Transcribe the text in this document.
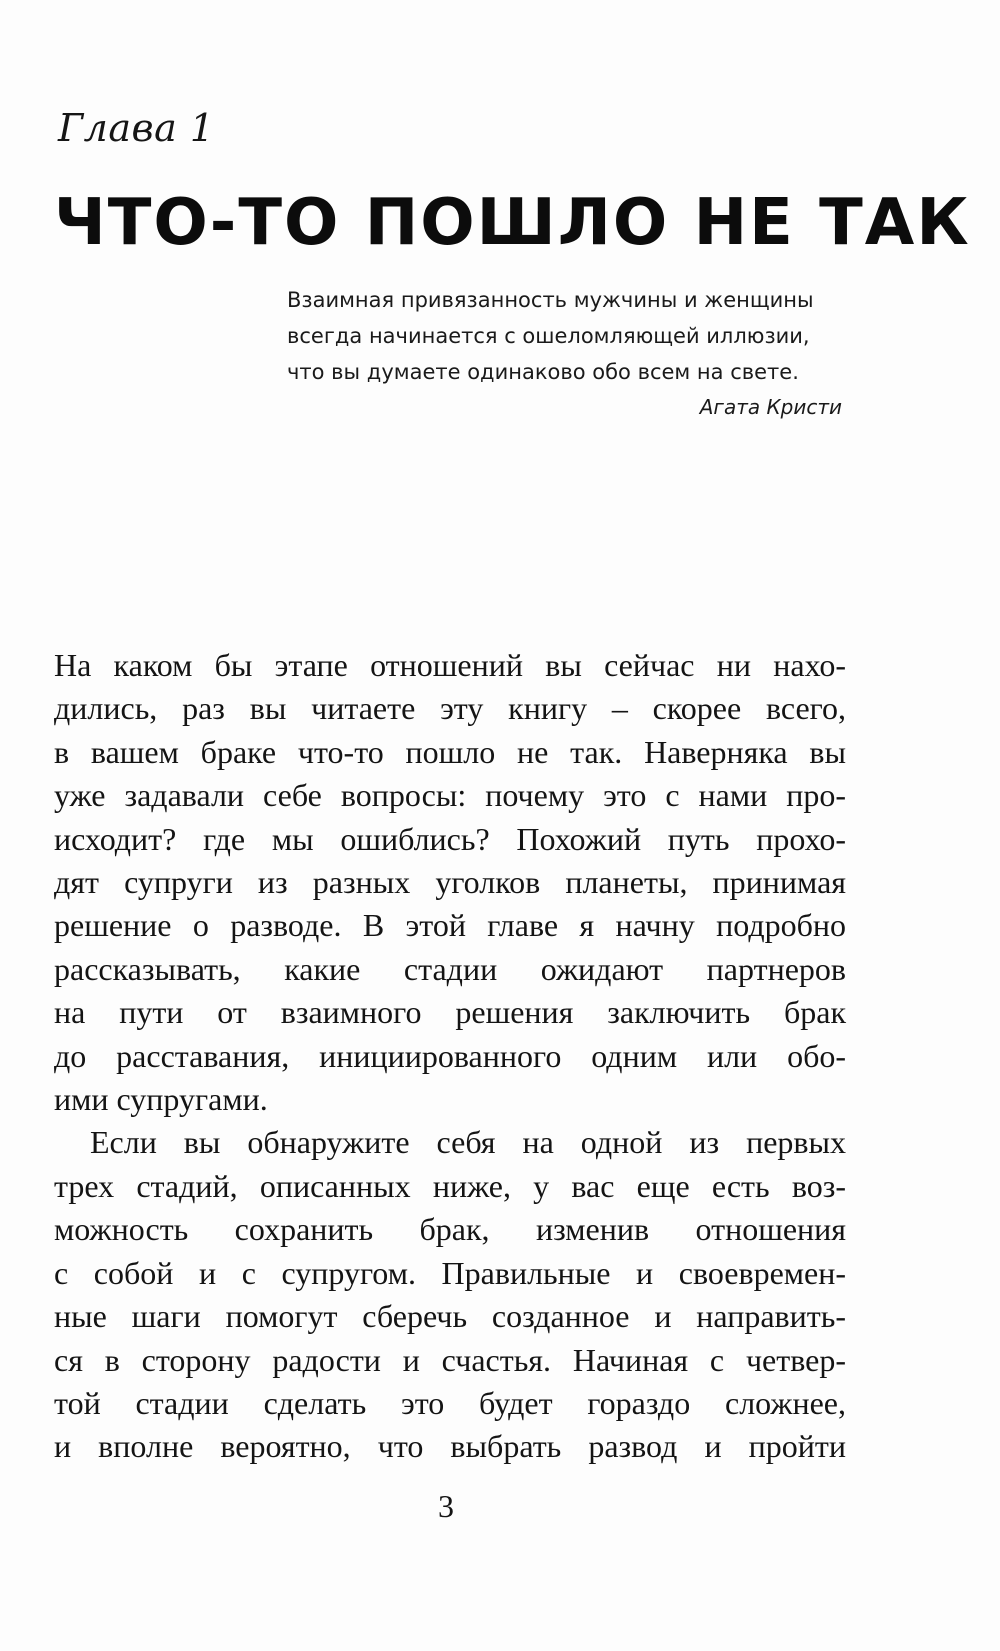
Глава 1
ЧТО-ТО ПОШЛО НЕ ТАК
Взаимная привязанность мужчины и женщины
всегда начинается с ошеломляющей иллюзии,
что вы думаете одинаково обо всем на свете.
Агата Кристи
На каком бы этапе отношений вы сейчас ни нахо-
дились, раз вы читаете эту книгу – скорее всего,
в вашем браке что-то пошло не так. Наверняка вы
уже задавали себе вопросы: почему это с нами про-
исходит? где мы ошиблись? Похожий путь прохо-
дят супруги из разных уголков планеты, принимая
решение о разводе. В этой главе я начну подробно
рассказывать, какие стадии ожидают партнеров
на пути от взаимного решения заключить брак
до расставания, инициированного одним или обо-
ими супругами.
Если вы обнаружите себя на одной из первых
трех стадий, описанных ниже, у вас еще есть воз-
можность сохранить брак, изменив отношения
с собой и с супругом. Правильные и своевремен-
ные шаги помогут сберечь созданное и направить-
ся в сторону радости и счастья. Начиная с четвер-
той стадии сделать это будет гораздо сложнее,
и вполне вероятно, что выбрать развод и пройти
3
